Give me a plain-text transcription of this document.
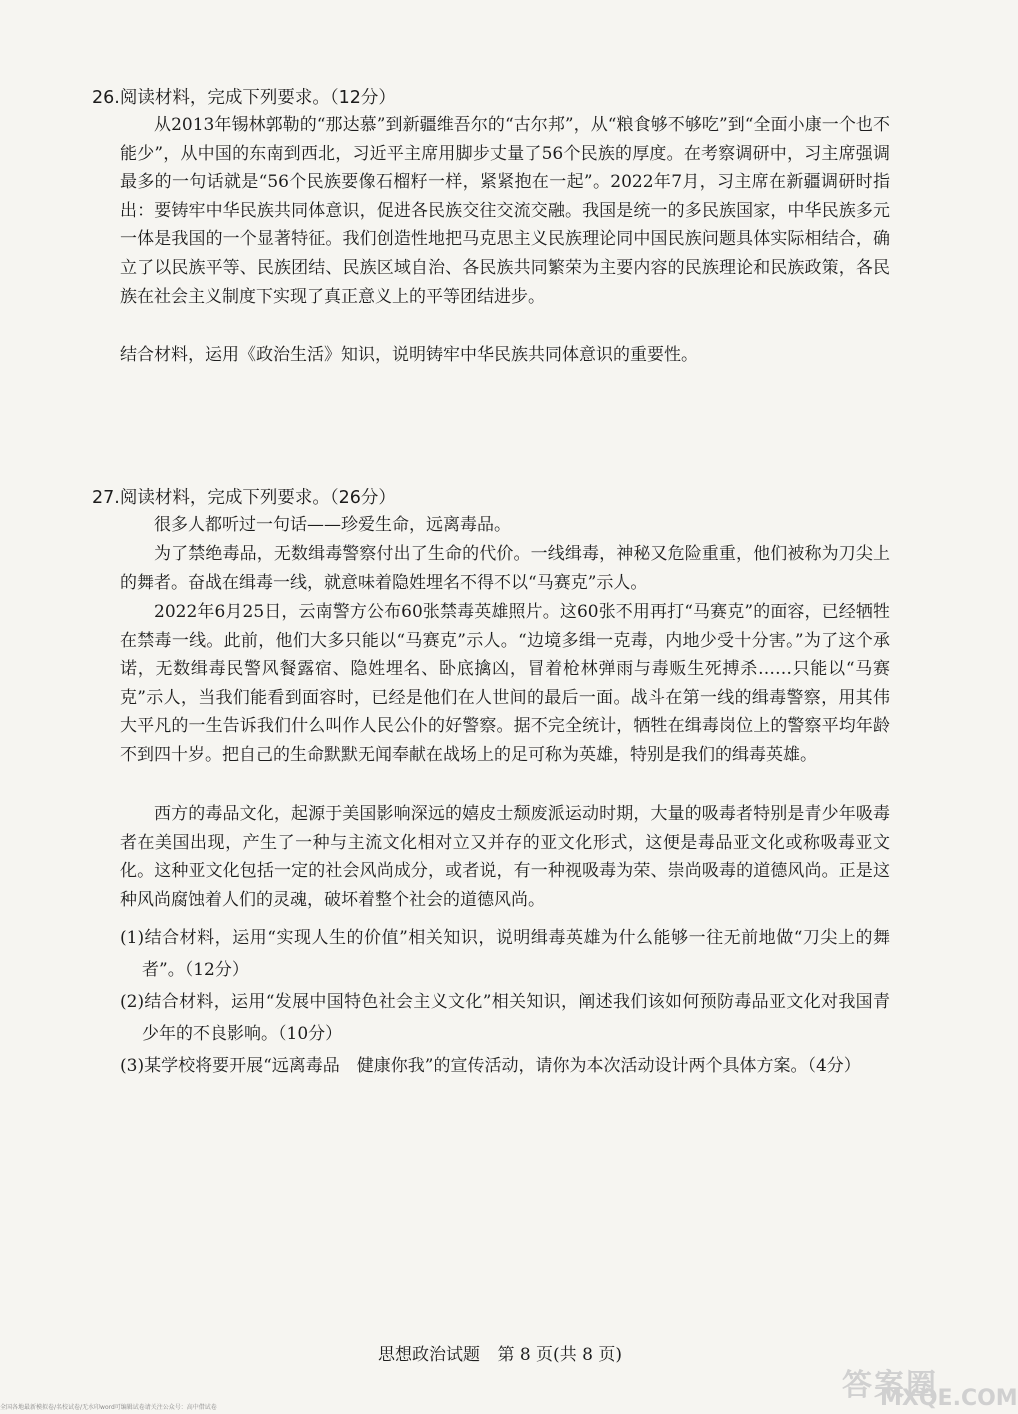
26.阅读材料，完成下列要求。（12分）

从2013年锡林郭勒的“那达慕”到新疆维吾尔的“古尔邦”，从“粮食够不够吃”到“全面小康一个也不能少”，从中国的东南到西北，习近平主席用脚步丈量了56个民族的厚度。在考察调研中，习主席强调最多的一句话就是“56个民族要像石榴籽一样，紧紧抱在一起”。2022年7月，习主席在新疆调研时指出：要铸牢中华民族共同体意识，促进各民族交往交流交融。我国是统一的多民族国家，中华民族多元一体是我国的一个显著特征。我们创造性地把马克思主义民族理论同中国民族问题具体实际相结合，确立了以民族平等、民族团结、民族区域自治、各民族共同繁荣为主要内容的民族理论和民族政策，各民族在社会主义制度下实现了真正意义上的平等团结进步。

结合材料，运用《政治生活》知识，说明铸牢中华民族共同体意识的重要性。

27.阅读材料，完成下列要求。（26分）

很多人都听过一句话——珍爱生命，远离毒品。

为了禁绝毒品，无数缉毒警察付出了生命的代价。一线缉毒，神秘又危险重重，他们被称为刀尖上的舞者。奋战在缉毒一线，就意味着隐姓埋名不得不以“马赛克”示人。

2022年6月25日，云南警方公布60张禁毒英雄照片。这60张不用再打“马赛克”的面容，已经牺牲在禁毒一线。此前，他们大多只能以“马赛克”示人。“边境多缉一克毒，内地少受十分害。”为了这个承诺，无数缉毒民警风餐露宿、隐姓埋名、卧底擒凶，冒着枪林弹雨与毒贩生死搏杀……只能以“马赛克”示人，当我们能看到面容时，已经是他们在人世间的最后一面。战斗在第一线的缉毒警察，用其伟大平凡的一生告诉我们什么叫作人民公仆的好警察。据不完全统计，牺牲在缉毒岗位上的警察平均年龄不到四十岁。把自己的生命默默无闻奉献在战场上的足可称为英雄，特别是我们的缉毒英雄。

西方的毒品文化，起源于美国影响深远的嬉皮士颓废派运动时期，大量的吸毒者特别是青少年吸毒者在美国出现，产生了一种与主流文化相对立又并存的亚文化形式，这便是毒品亚文化或称吸毒亚文化。这种亚文化包括一定的社会风尚成分，或者说，有一种视吸毒为荣、崇尚吸毒的道德风尚。正是这种风尚腐蚀着人们的灵魂，破坏着整个社会的道德风尚。

(1)结合材料，运用“实现人生的价值”相关知识，说明缉毒英雄为什么能够一往无前地做“刀尖上的舞者”。（12分）

(2)结合材料，运用“发展中国特色社会主义文化”相关知识，阐述我们该如何预防毒品亚文化对我国青少年的不良影响。（10分）

(3)某学校将要开展“远离毒品　健康你我”的宣传活动，请你为本次活动设计两个具体方案。（4分）

思想政治试题 第 8 页(共 8 页)
答案圈
MXQE.COM
全国各地最新模拟卷/名校试卷/无水印word可编辑试卷请关注公众号：高中借试卷
